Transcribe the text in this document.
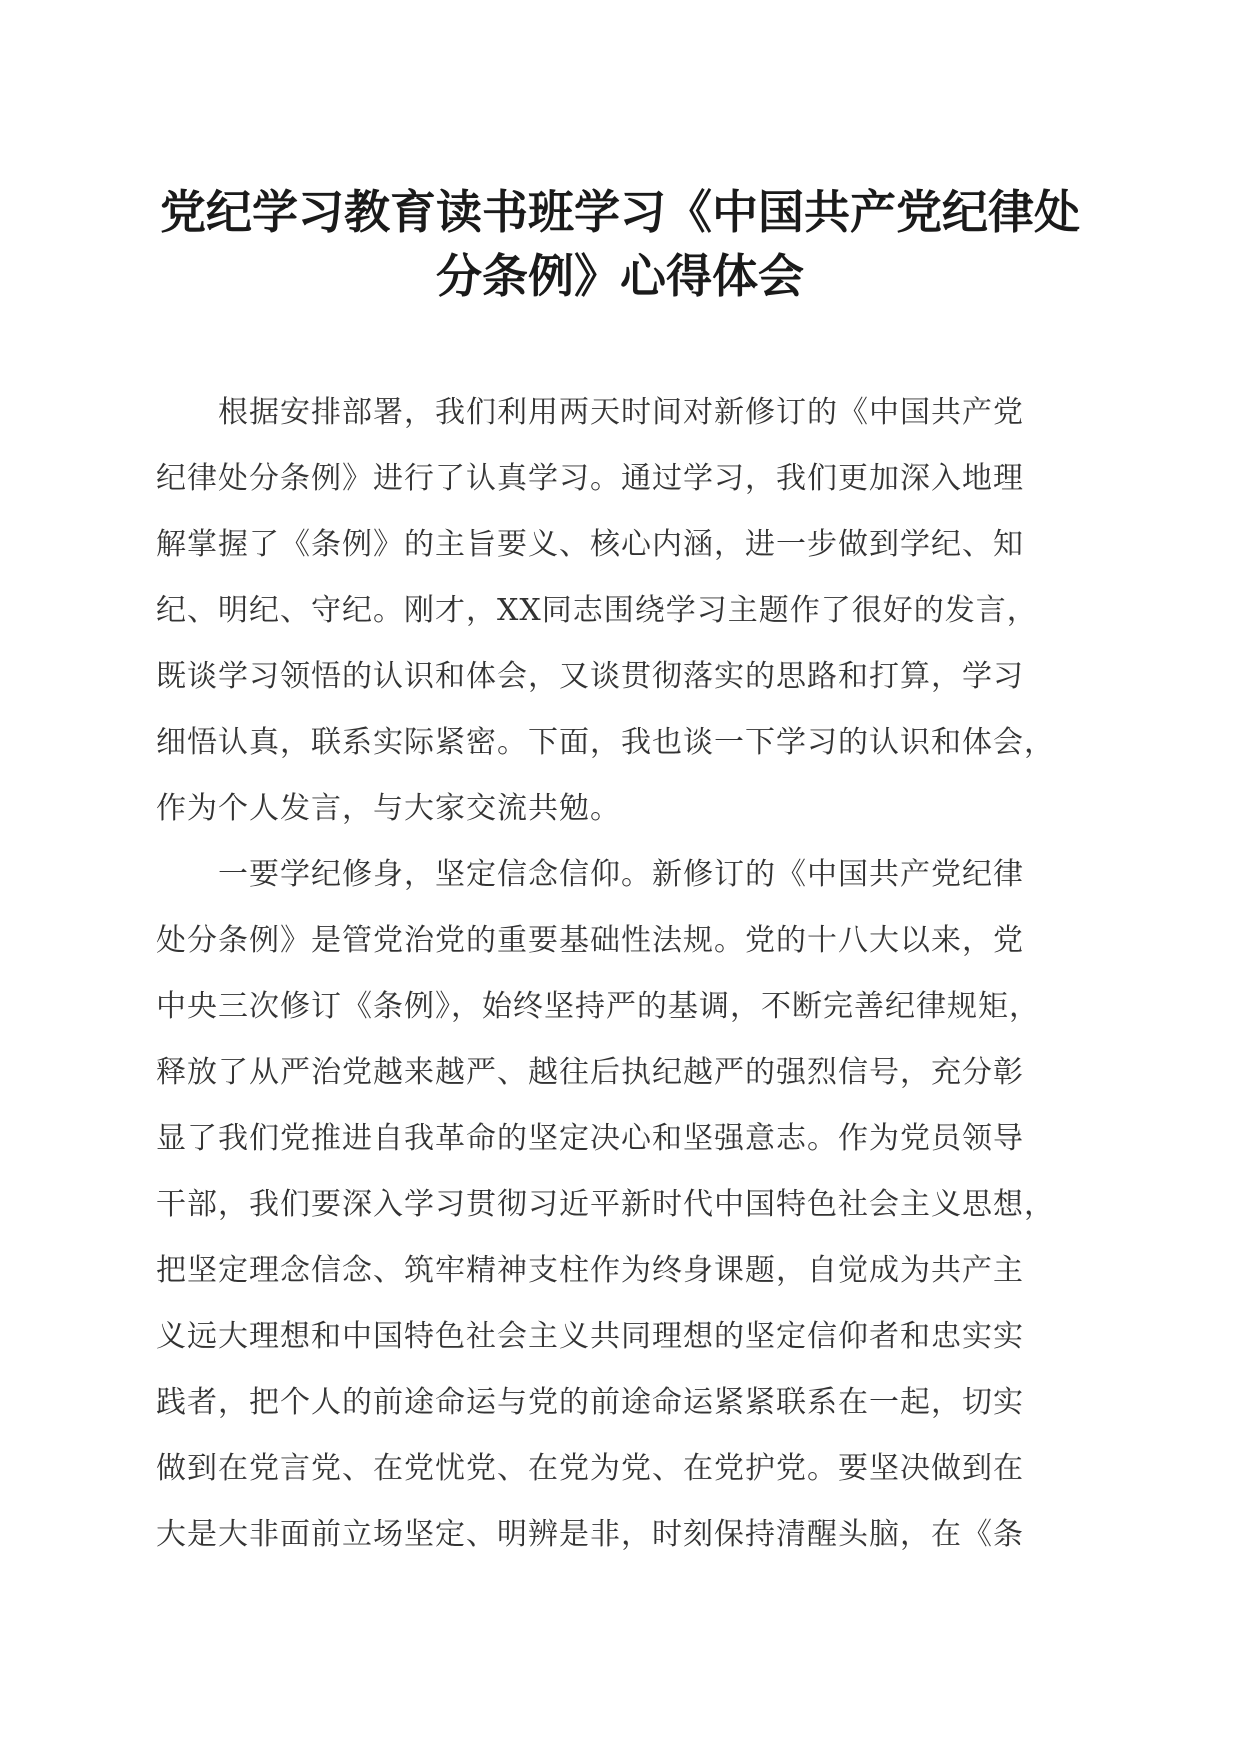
党纪学习教育读书班学习《中国共产党纪律处
分条例》心得体会

　　根据安排部署，我们利用两天时间对新修订的《中国共产党
纪律处分条例》进行了认真学习。通过学习，我们更加深入地理
解掌握了《条例》的主旨要义、核心内涵，进一步做到学纪、知
纪、明纪、守纪。刚才，XX同志围绕学习主题作了很好的发言，
既谈学习领悟的认识和体会，又谈贯彻落实的思路和打算，学习
细悟认真，联系实际紧密。下面，我也谈一下学习的认识和体会，
作为个人发言，与大家交流共勉。

　　一要学纪修身，坚定信念信仰。新修订的《中国共产党纪律
处分条例》是管党治党的重要基础性法规。党的十八大以来，党
中央三次修订《条例》，始终坚持严的基调，不断完善纪律规矩，
释放了从严治党越来越严、越往后执纪越严的强烈信号，充分彰
显了我们党推进自我革命的坚定决心和坚强意志。作为党员领导
干部，我们要深入学习贯彻习近平新时代中国特色社会主义思想，
把坚定理念信念、筑牢精神支柱作为终身课题，自觉成为共产主
义远大理想和中国特色社会主义共同理想的坚定信仰者和忠实实
践者，把个人的前途命运与党的前途命运紧紧联系在一起，切实
做到在党言党、在党忧党、在党为党、在党护党。要坚决做到在
大是大非面前立场坚定、明辨是非，时刻保持清醒头脑，在《条
